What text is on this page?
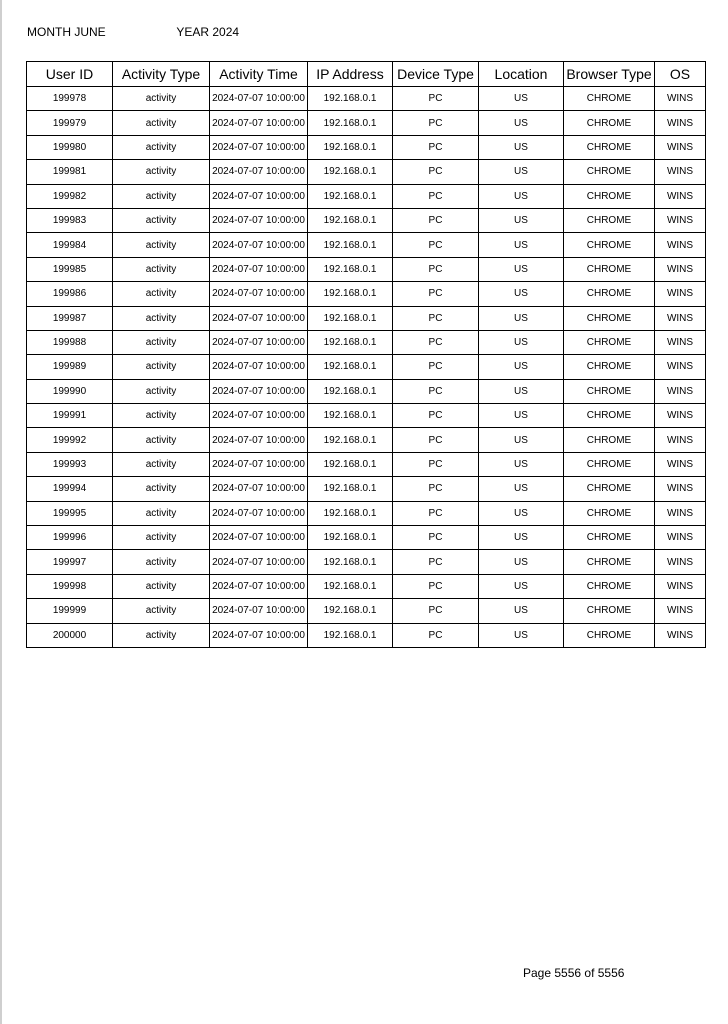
MONTH JUNE	YEAR 2024
User ID	Activity Type	Activity Time	IP Address	Device Type	Location	Browser Type	OS
199978	activity	2024-07-07 10:00:00	192.168.0.1	PC	US	CHROME	WINS
199979	activity	2024-07-07 10:00:00	192.168.0.1	PC	US	CHROME	WINS
199980	activity	2024-07-07 10:00:00	192.168.0.1	PC	US	CHROME	WINS
199981	activity	2024-07-07 10:00:00	192.168.0.1	PC	US	CHROME	WINS
199982	activity	2024-07-07 10:00:00	192.168.0.1	PC	US	CHROME	WINS
199983	activity	2024-07-07 10:00:00	192.168.0.1	PC	US	CHROME	WINS
199984	activity	2024-07-07 10:00:00	192.168.0.1	PC	US	CHROME	WINS
199985	activity	2024-07-07 10:00:00	192.168.0.1	PC	US	CHROME	WINS
199986	activity	2024-07-07 10:00:00	192.168.0.1	PC	US	CHROME	WINS
199987	activity	2024-07-07 10:00:00	192.168.0.1	PC	US	CHROME	WINS
199988	activity	2024-07-07 10:00:00	192.168.0.1	PC	US	CHROME	WINS
199989	activity	2024-07-07 10:00:00	192.168.0.1	PC	US	CHROME	WINS
199990	activity	2024-07-07 10:00:00	192.168.0.1	PC	US	CHROME	WINS
199991	activity	2024-07-07 10:00:00	192.168.0.1	PC	US	CHROME	WINS
199992	activity	2024-07-07 10:00:00	192.168.0.1	PC	US	CHROME	WINS
199993	activity	2024-07-07 10:00:00	192.168.0.1	PC	US	CHROME	WINS
199994	activity	2024-07-07 10:00:00	192.168.0.1	PC	US	CHROME	WINS
199995	activity	2024-07-07 10:00:00	192.168.0.1	PC	US	CHROME	WINS
199996	activity	2024-07-07 10:00:00	192.168.0.1	PC	US	CHROME	WINS
199997	activity	2024-07-07 10:00:00	192.168.0.1	PC	US	CHROME	WINS
199998	activity	2024-07-07 10:00:00	192.168.0.1	PC	US	CHROME	WINS
199999	activity	2024-07-07 10:00:00	192.168.0.1	PC	US	CHROME	WINS
200000	activity	2024-07-07 10:00:00	192.168.0.1	PC	US	CHROME	WINS
Page 5556 of 5556
